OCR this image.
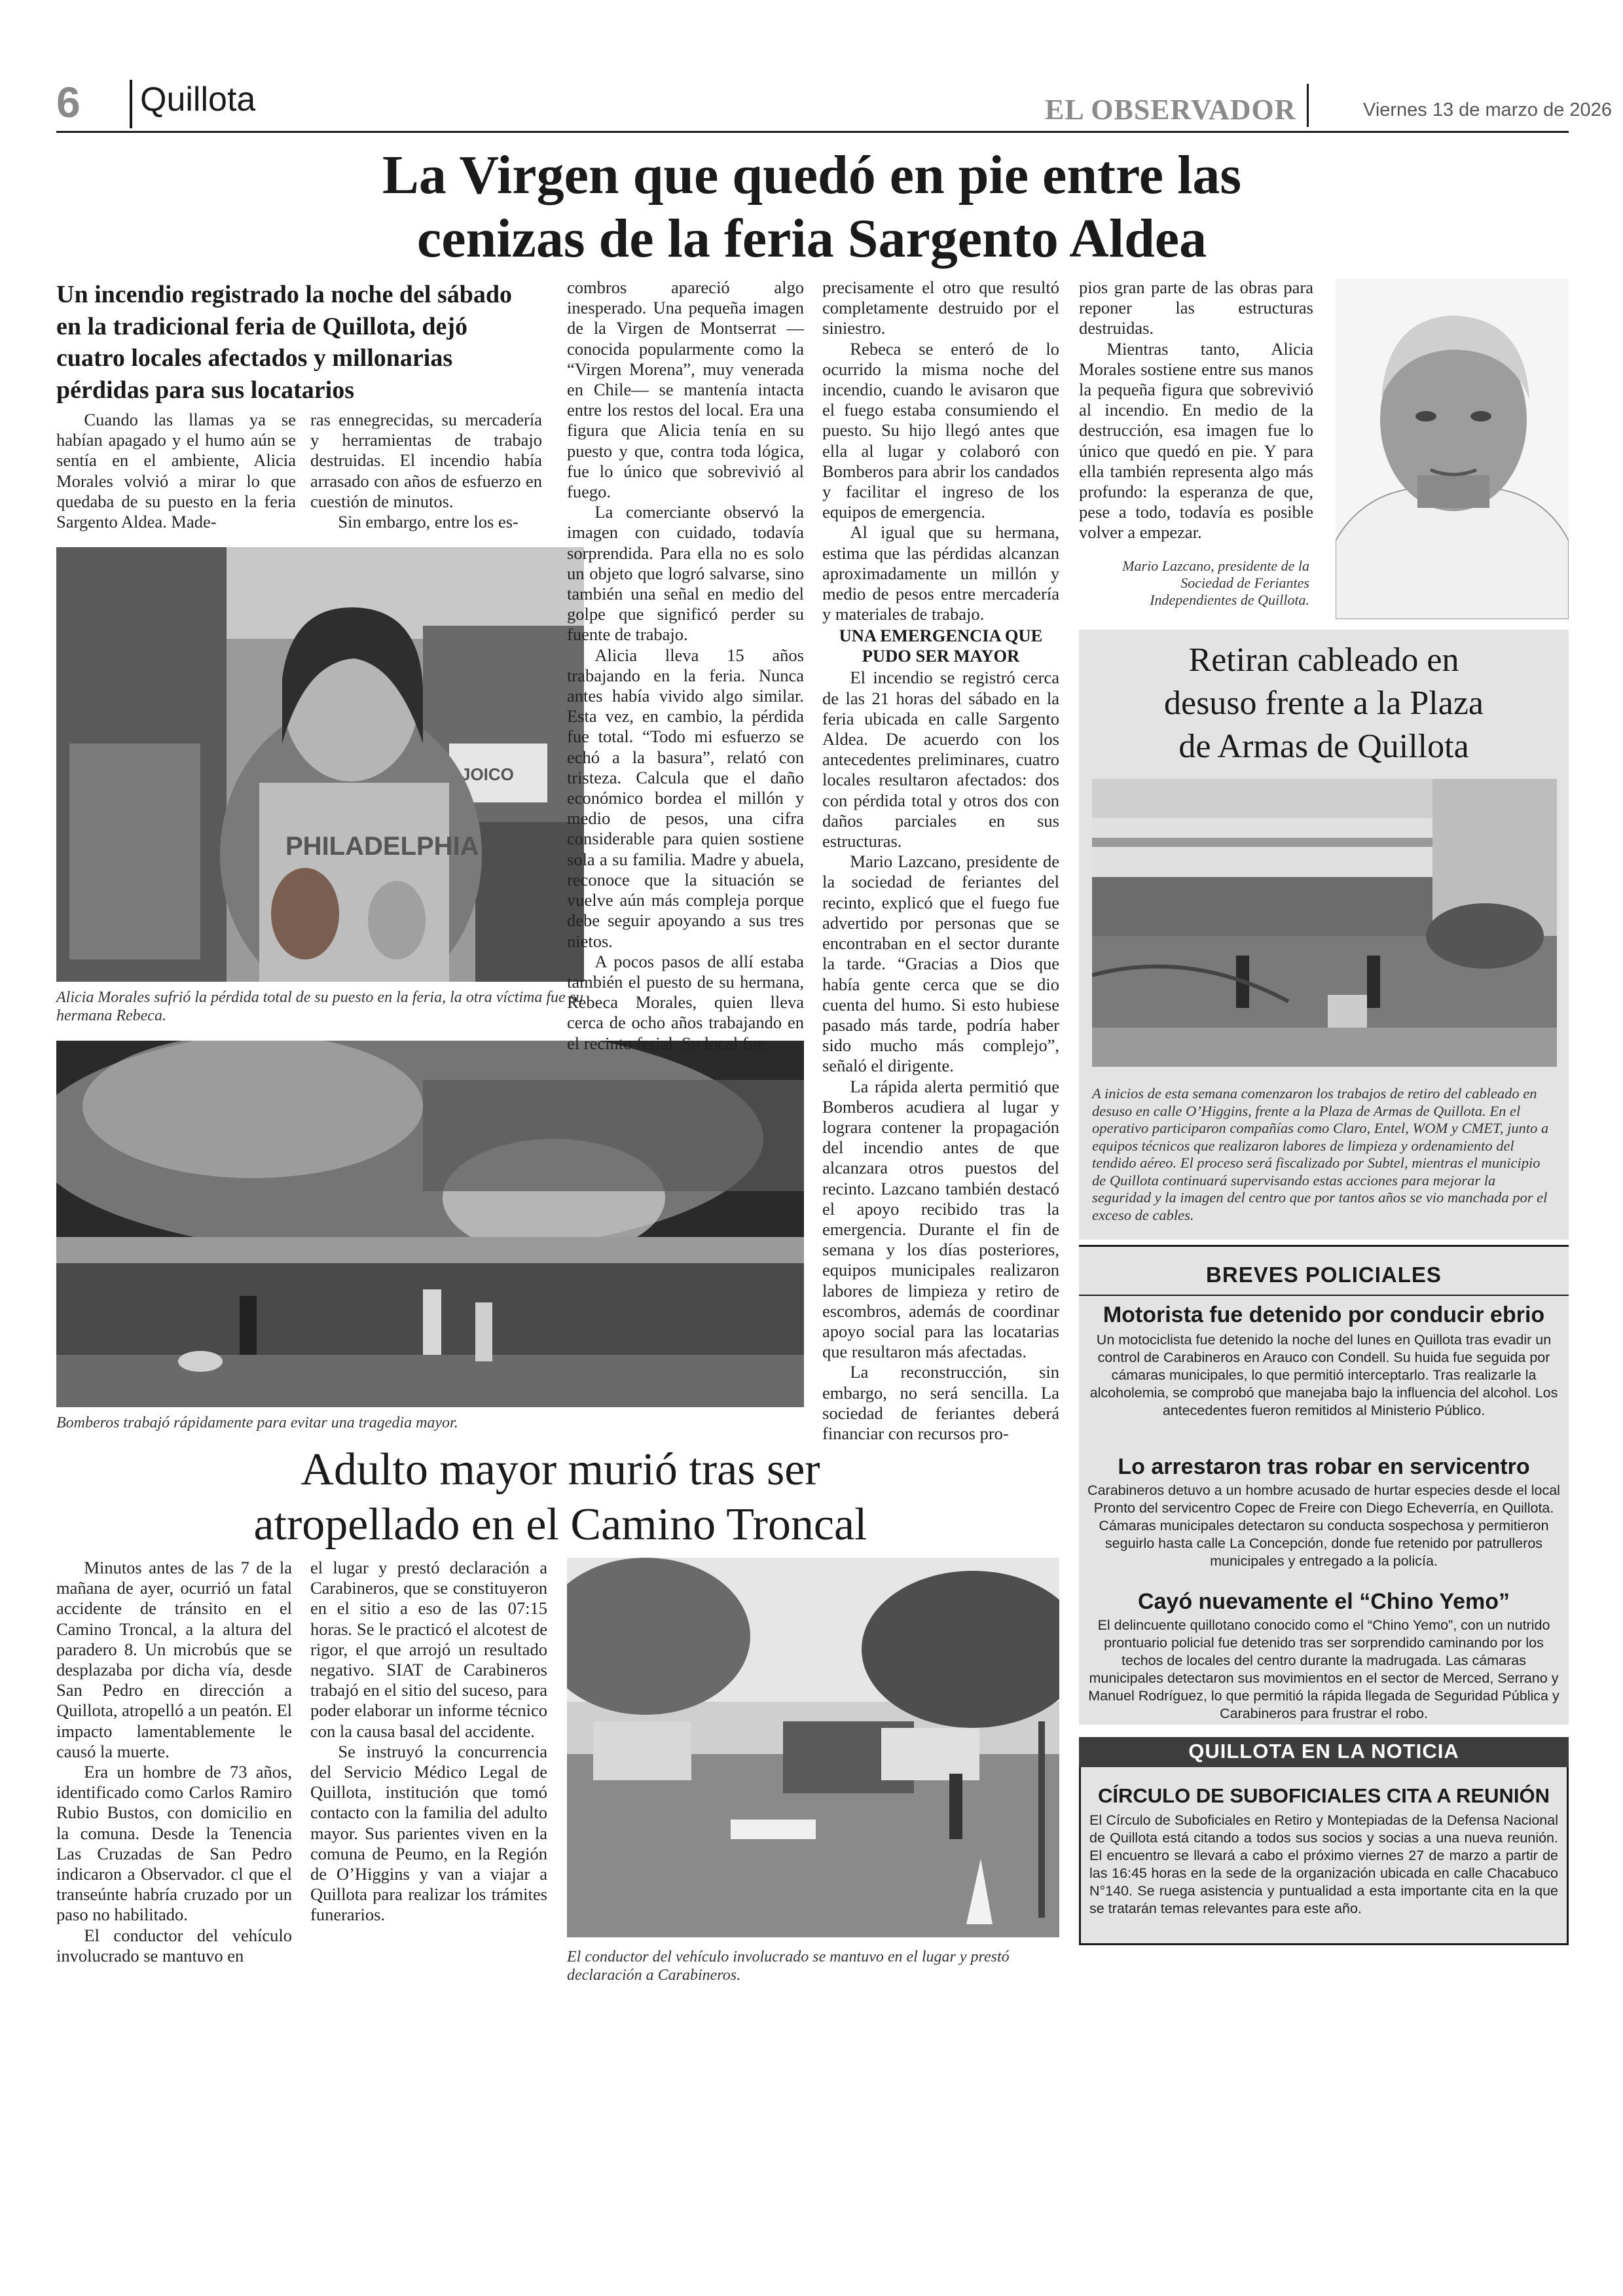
6 Quillota	EL OBSERVADOR	Viernes 13 de marzo de 2026
La Virgen que quedó en pie entre las
cenizas de la feria Sargento Aldea
Un incendio registrado la noche del sábado en la tradicional feria de Quillota, dejó cuatro locales afectados y millonarias pérdidas para sus locatarios

Cuando las llamas ya se habían apagado y el humo aún se sentía en el ambiente, Alicia Morales volvió a mirar lo que quedaba de su puesto en la feria Sargento Aldea. Made-

ras ennegrecidas, su mercadería y herramientas de trabajo destruidas. El incendio había arrasado con años de esfuerzo en cuestión de minutos.

Sin embargo, entre los es-

JOICO
PHILADELPHIA
Alicia Morales sufrió la pérdida total de su puesto en la feria, la otra víctima fue su hermana Rebeca.
Bomberos trabajó rápidamente para evitar una tragedia mayor.

combros apareció algo inesperado. Una pequeña imagen de la Virgen de Montserrat —conocida popularmente como la “Virgen Morena”, muy venerada en Chile— se mantenía intacta entre los restos del local. Era una figura que Alicia tenía en su puesto y que, contra toda lógica, fue lo único que sobrevivió al fuego.

La comerciante observó la imagen con cuidado, todavía sorprendida. Para ella no es solo un objeto que logró salvarse, sino también una señal en medio del golpe que significó perder su fuente de trabajo.

Alicia lleva 15 años trabajando en la feria. Nunca antes había vivido algo similar. Esta vez, en cambio, la pérdida fue total. “Todo mi esfuerzo se echó a la basura”, relató con tristeza. Calcula que el daño económico bordea el millón y medio de pesos, una cifra considerable para quien sostiene sola a su familia. Madre y abuela, reconoce que la situación se vuelve aún más compleja porque debe seguir apoyando a sus tres nietos.

A pocos pasos de allí estaba también el puesto de su hermana, Rebeca Morales, quien lleva cerca de ocho años trabajando en el recinto ferial. Su local fue

precisamente el otro que resultó completamente destruido por el siniestro.

Rebeca se enteró de lo ocurrido la misma noche del incendio, cuando le avisaron que el fuego estaba consumiendo el puesto. Su hijo llegó antes que ella al lugar y colaboró con Bomberos para abrir los candados y facilitar el ingreso de los equipos de emergencia.

Al igual que su hermana, estima que las pérdidas alcanzan aproximadamente un millón y medio de pesos entre mercadería y materiales de trabajo.

UNA EMERGENCIA QUE PUDO SER MAYOR

El incendio se registró cerca de las 21 horas del sábado en la feria ubicada en calle Sargento Aldea. De acuerdo con los antecedentes preliminares, cuatro locales resultaron afectados: dos con pérdida total y otros dos con daños parciales en sus estructuras.

Mario Lazcano, presidente de la sociedad de feriantes del recinto, explicó que el fuego fue advertido por personas que se encontraban en el sector durante la tarde. “Gracias a Dios que había gente cerca que se dio cuenta del humo. Si esto hubiese pasado más tarde, podría haber sido mucho más complejo”, señaló el dirigente.

La rápida alerta permitió que Bomberos acudiera al lugar y lograra contener la propagación del incendio antes de que alcanzara otros puestos del recinto. Lazcano también destacó el apoyo recibido tras la emergencia. Durante el fin de semana y los días posteriores, equipos municipales realizaron labores de limpieza y retiro de escombros, además de coordinar apoyo social para las locatarias que resultaron más afectadas.

La reconstrucción, sin embargo, no será sencilla. La sociedad de feriantes deberá financiar con recursos pro-

pios gran parte de las obras para reponer las estructuras destruidas.

Mientras tanto, Alicia Morales sostiene entre sus manos la pequeña figura que sobrevivió al incendio. En medio de la destrucción, esa imagen fue lo único que quedó en pie. Y para ella también representa algo más profundo: la esperanza de que, pese a todo, todavía es posible volver a empezar.

Mario Lazcano, presidente de la Sociedad de Feriantes Independientes de Quillota.
Retiran cableado en
desuso frente a la Plaza
de Armas de Quillota
A inicios de esta semana comenzaron los trabajos de retiro del cableado en desuso en calle O’Higgins, frente a la Plaza de Armas de Quillota. En el operativo participaron compañías como Claro, Entel, WOM y CMET, junto a equipos técnicos que realizaron labores de limpieza y ordenamiento del tendido aéreo. El proceso será fiscalizado por Subtel, mientras el municipio de Quillota continuará supervisando estas acciones para mejorar la seguridad y la imagen del centro que por tantos años se vio manchada por el exceso de cables.
BREVES POLICIALES
Motorista fue detenido por conducir ebrio
Un motociclista fue detenido la noche del lunes en Quillota tras evadir un control de Carabineros en Arauco con Condell. Su huida fue seguida por cámaras municipales, lo que permitió interceptarlo. Tras realizarle la alcoholemia, se comprobó que manejaba bajo la influencia del alcohol. Los antecedentes fueron remitidos al Ministerio Público.
Lo arrestaron tras robar en servicentro
Carabineros detuvo a un hombre acusado de hurtar especies desde el local Pronto del servicentro Copec de Freire con Diego Echeverría, en Quillota. Cámaras municipales detectaron su conducta sospechosa y permitieron seguirlo hasta calle La Concepción, donde fue retenido por patrulleros municipales y entregado a la policía.
Cayó nuevamente el “Chino Yemo”
El delincuente quillotano conocido como el “Chino Yemo”, con un nutrido prontuario policial fue detenido tras ser sorprendido caminando por los techos de locales del centro durante la madrugada. Las cámaras municipales detectaron sus movimientos en el sector de Merced, Serrano y Manuel Rodríguez, lo que permitió la rápida llegada de Seguridad Pública y Carabineros para frustrar el robo.
QUILLOTA EN LA NOTICIA
CÍRCULO DE SUBOFICIALES CITA A REUNIÓN
El Círculo de Suboficiales en Retiro y Montepiadas de la Defensa Nacional de Quillota está citando a todos sus socios y socias a una nueva reunión. El encuentro se llevará a cabo el próximo viernes 27 de marzo a partir de las 16:45 horas en la sede de la organización ubicada en calle Chacabuco N°140. Se ruega asistencia y puntualidad a esta importante cita en la que se tratarán temas relevantes para este año.
Adulto mayor murió tras ser
atropellado en el Camino Troncal

Minutos antes de las 7 de la mañana de ayer, ocurrió un fatal accidente de tránsito en el Camino Troncal, a la altura del paradero 8. Un microbús que se desplazaba por dicha vía, desde San Pedro en dirección a Quillota, atropelló a un peatón. El impacto lamentablemente le causó la muerte.

Era un hombre de 73 años, identificado como Carlos Ramiro Rubio Bustos, con domicilio en la comuna. Desde la Tenencia Las Cruzadas de San Pedro indicaron a Observador. cl que el transeúnte habría cruzado por un paso no habilitado.

El conductor del vehículo involucrado se mantuvo en

el lugar y prestó declaración a Carabineros, que se constituyeron en el sitio a eso de las 07:15 horas. Se le practicó el alcotest de rigor, el que arrojó un resultado negativo. SIAT de Carabineros trabajó en el sitio del suceso, para poder elaborar un informe técnico con la causa basal del accidente.

Se instruyó la concurrencia del Servicio Médico Legal de Quillota, institución que tomó contacto con la familia del adulto mayor. Sus parientes viven en la comuna de Peumo, en la Región de O’Higgins y van a viajar a Quillota para realizar los trámites funerarios.

El conductor del vehículo involucrado se mantuvo en el lugar y prestó declaración a Carabineros.
